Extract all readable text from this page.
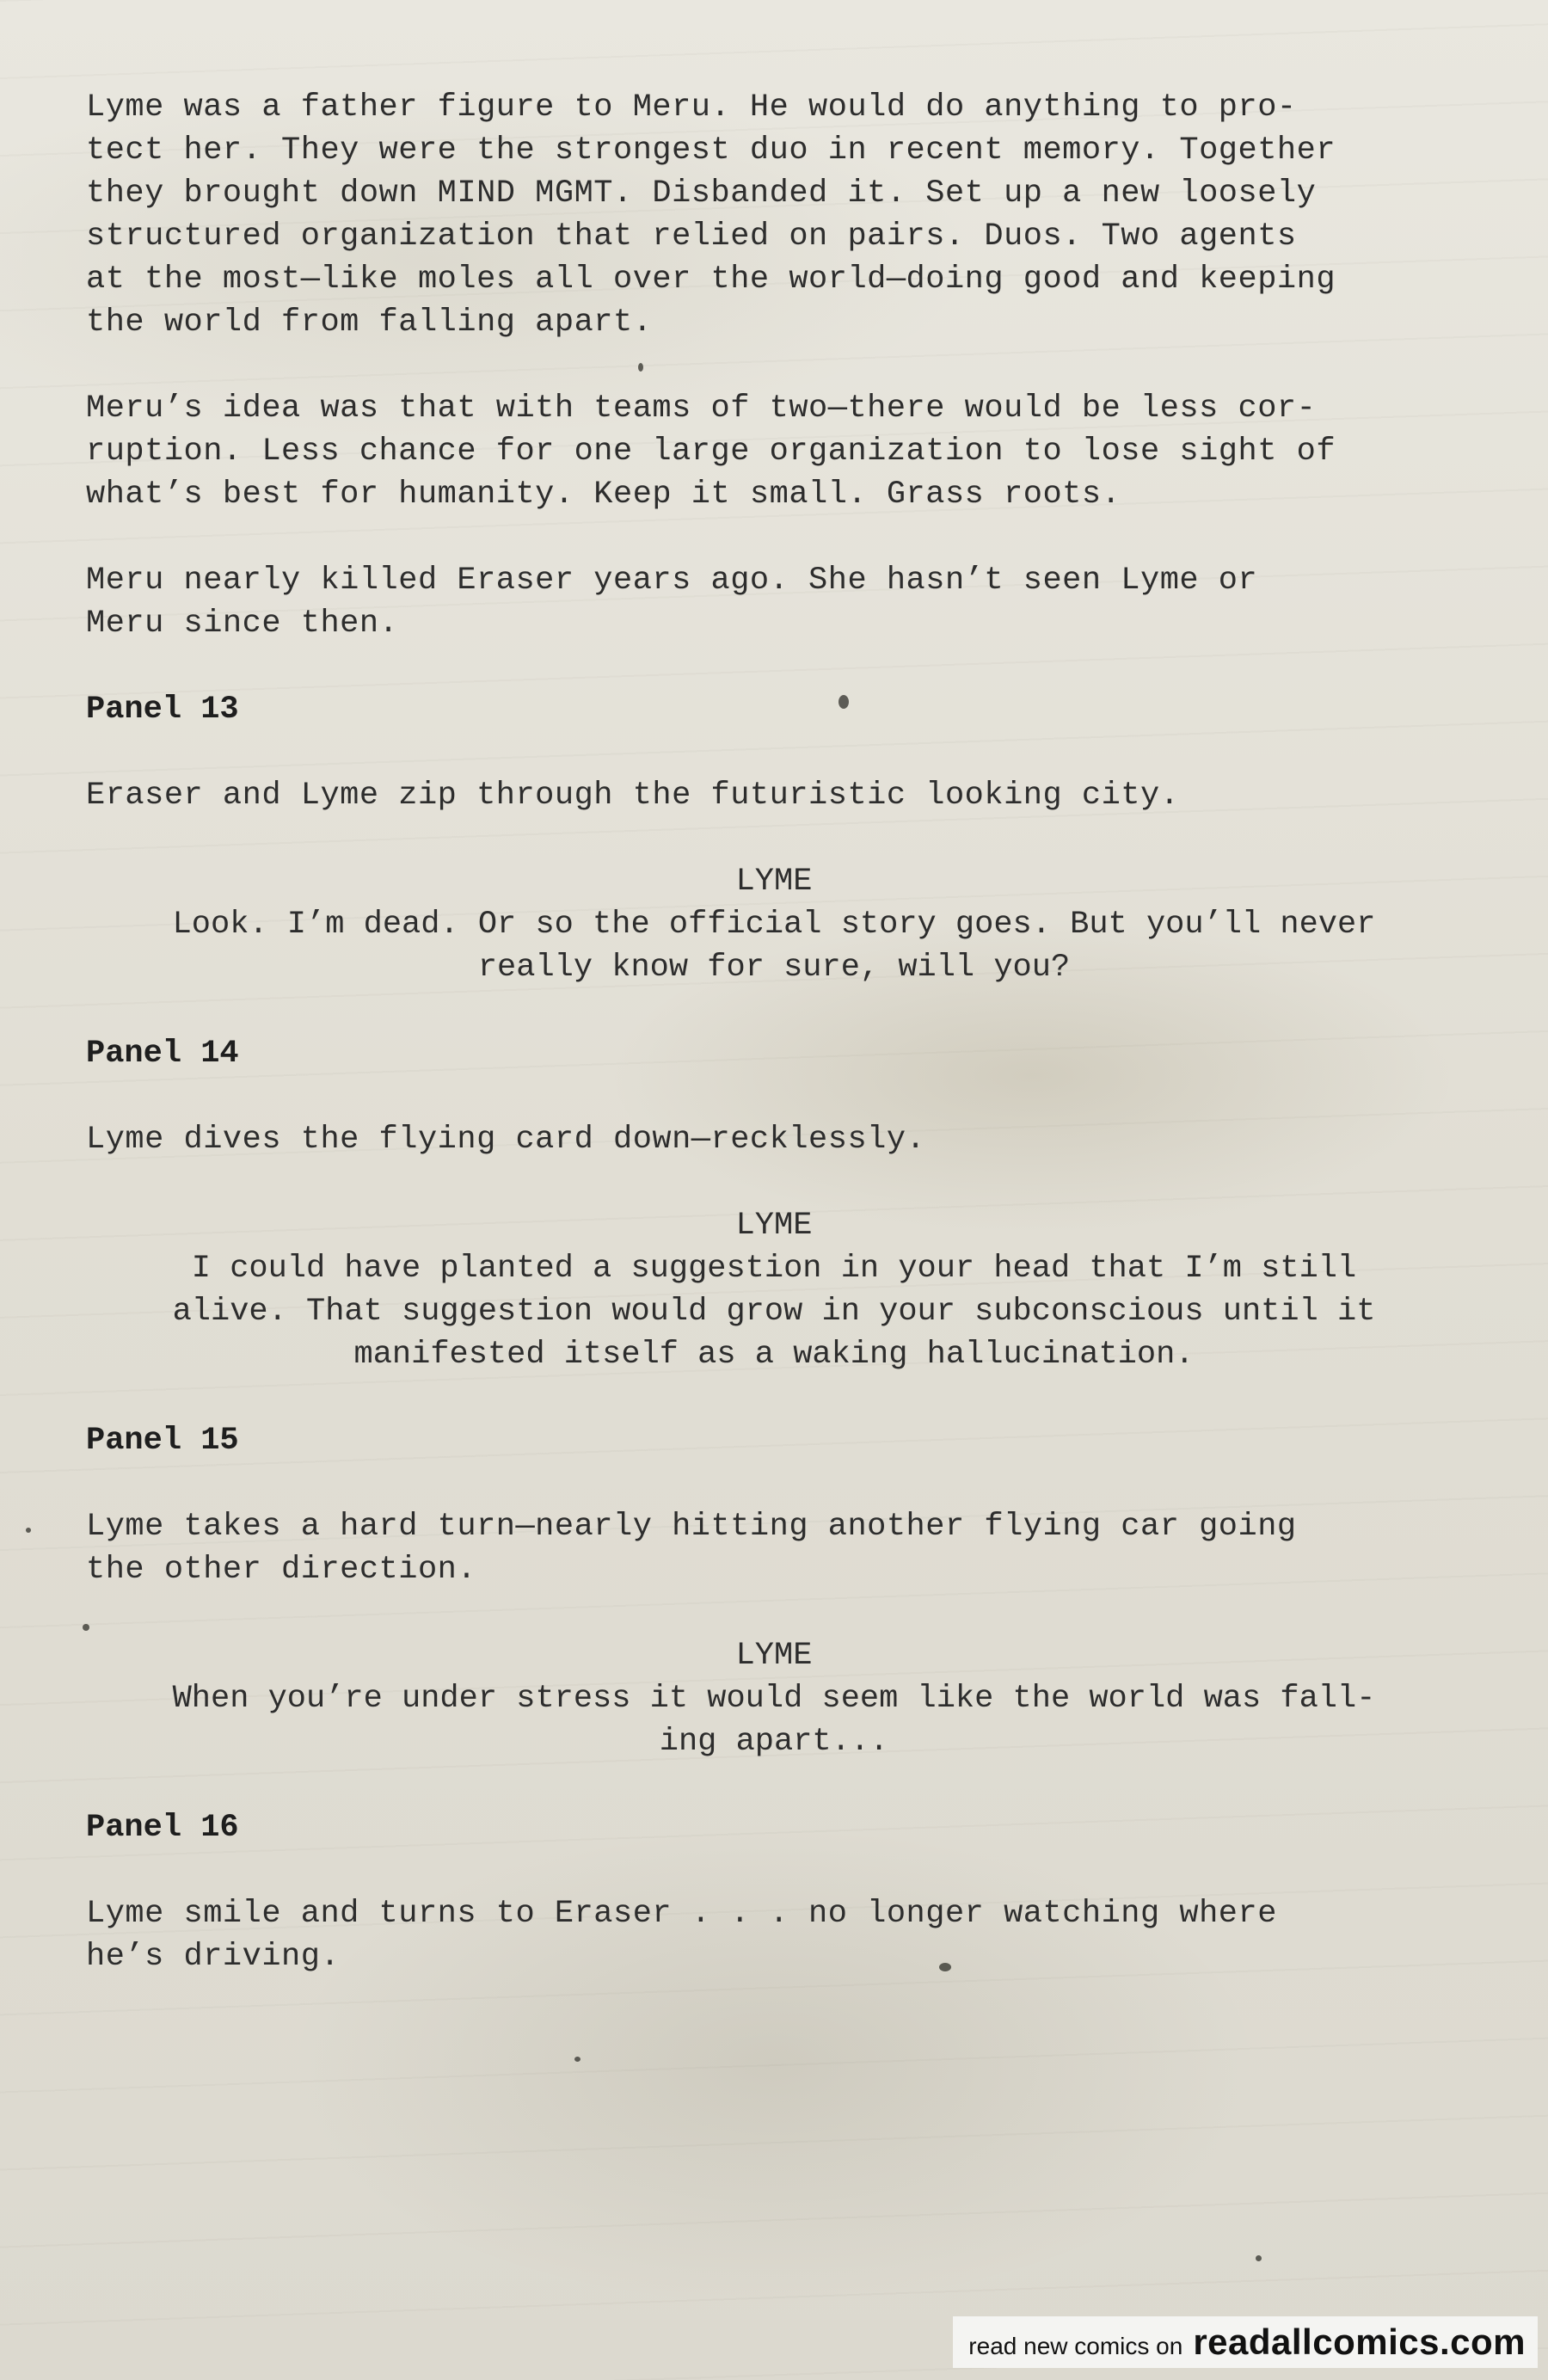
Lyme was a father figure to Meru. He would do anything to pro-
tect her. They were the strongest duo in recent memory. Together
they brought down MIND MGMT. Disbanded it. Set up a new loosely
structured organization that relied on pairs. Duos. Two agents
at the most—like moles all over the world—doing good and keeping
the world from falling apart.

Meru’s idea was that with teams of two—there would be less cor-
ruption. Less chance for one large organization to lose sight of
what’s best for humanity. Keep it small. Grass roots.

Meru nearly killed Eraser years ago. She hasn’t seen Lyme or
Meru since then.

Panel 13

Eraser and Lyme zip through the futuristic looking city.

LYME
Look. I’m dead. Or so the official story goes. But you’ll never
really know for sure, will you?
Panel 14

Lyme dives the flying card down—recklessly.

LYME
I could have planted a suggestion in your head that I’m still
alive. That suggestion would grow in your subconscious until it
manifested itself as a waking hallucination.
Panel 15

Lyme takes a hard turn—nearly hitting another flying car going
the other direction.

LYME
When you’re under stress it would seem like the world was fall-
ing apart...
Panel 16

Lyme smile and turns to Eraser . . . no longer watching where
he’s driving.

read new comics on readallcomics.com
